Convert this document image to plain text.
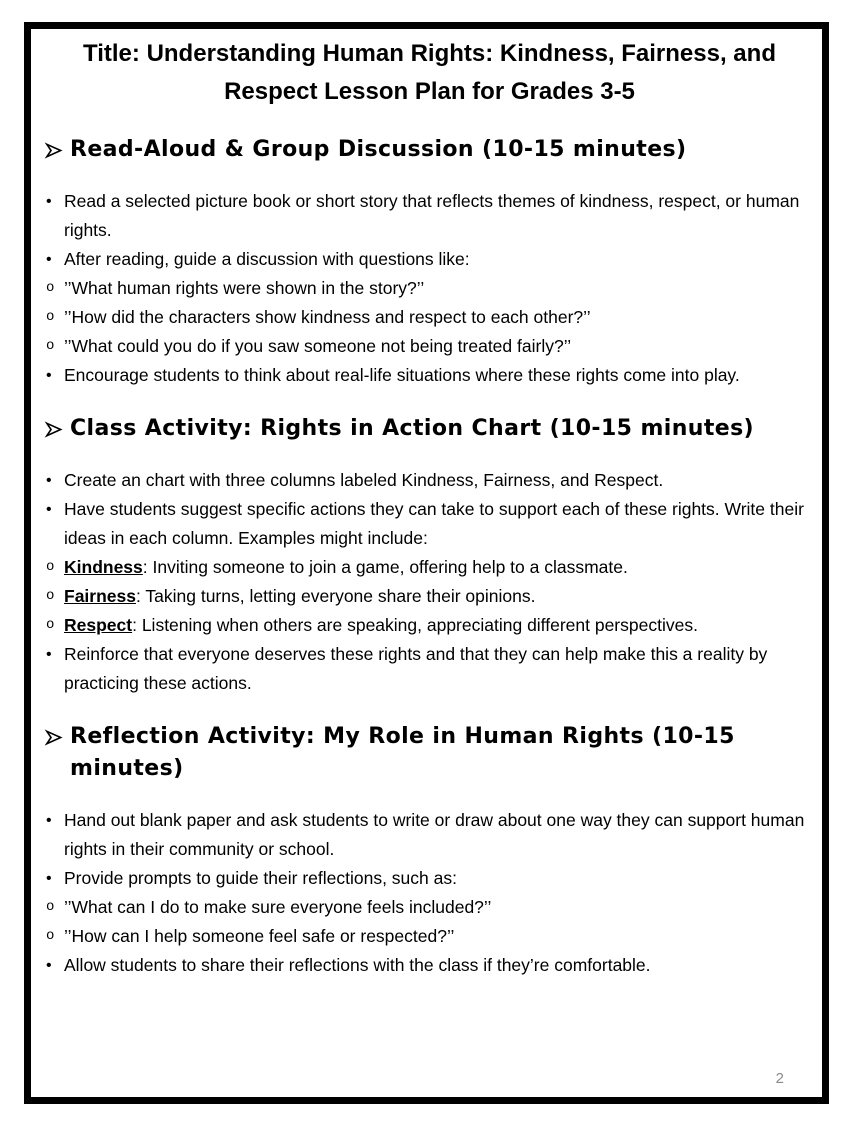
Title: Understanding Human Rights: Kindness, Fairness, and Respect Lesson Plan for Grades 3-5
Read-Aloud & Group Discussion (10-15 minutes)
• Read a selected picture book or short story that reflects themes of kindness, respect, or human rights.
• After reading, guide a discussion with questions like:
o ’’What human rights were shown in the story?’’
o ’’How did the characters show kindness and respect to each other?’’
o ’’What could you do if you saw someone not being treated fairly?’’
• Encourage students to think about real-life situations where these rights come into play.
Class Activity: Rights in Action Chart (10-15 minutes)
• Create an chart with three columns labeled Kindness, Fairness, and Respect.
• Have students suggest specific actions they can take to support each of these rights. Write their ideas in each column. Examples might include:
o Kindness: Inviting someone to join a game, offering help to a classmate.
o Fairness: Taking turns, letting everyone share their opinions.
o Respect: Listening when others are speaking, appreciating different perspectives.
• Reinforce that everyone deserves these rights and that they can help make this a reality by practicing these actions.
Reflection Activity: My Role in Human Rights (10-15 minutes)
• Hand out blank paper and ask students to write or draw about one way they can support human rights in their community or school.
• Provide prompts to guide their reflections, such as:
o ’’What can I do to make sure everyone feels included?’’
o ’’How can I help someone feel safe or respected?’’
• Allow students to share their reflections with the class if they’re comfortable.
2
